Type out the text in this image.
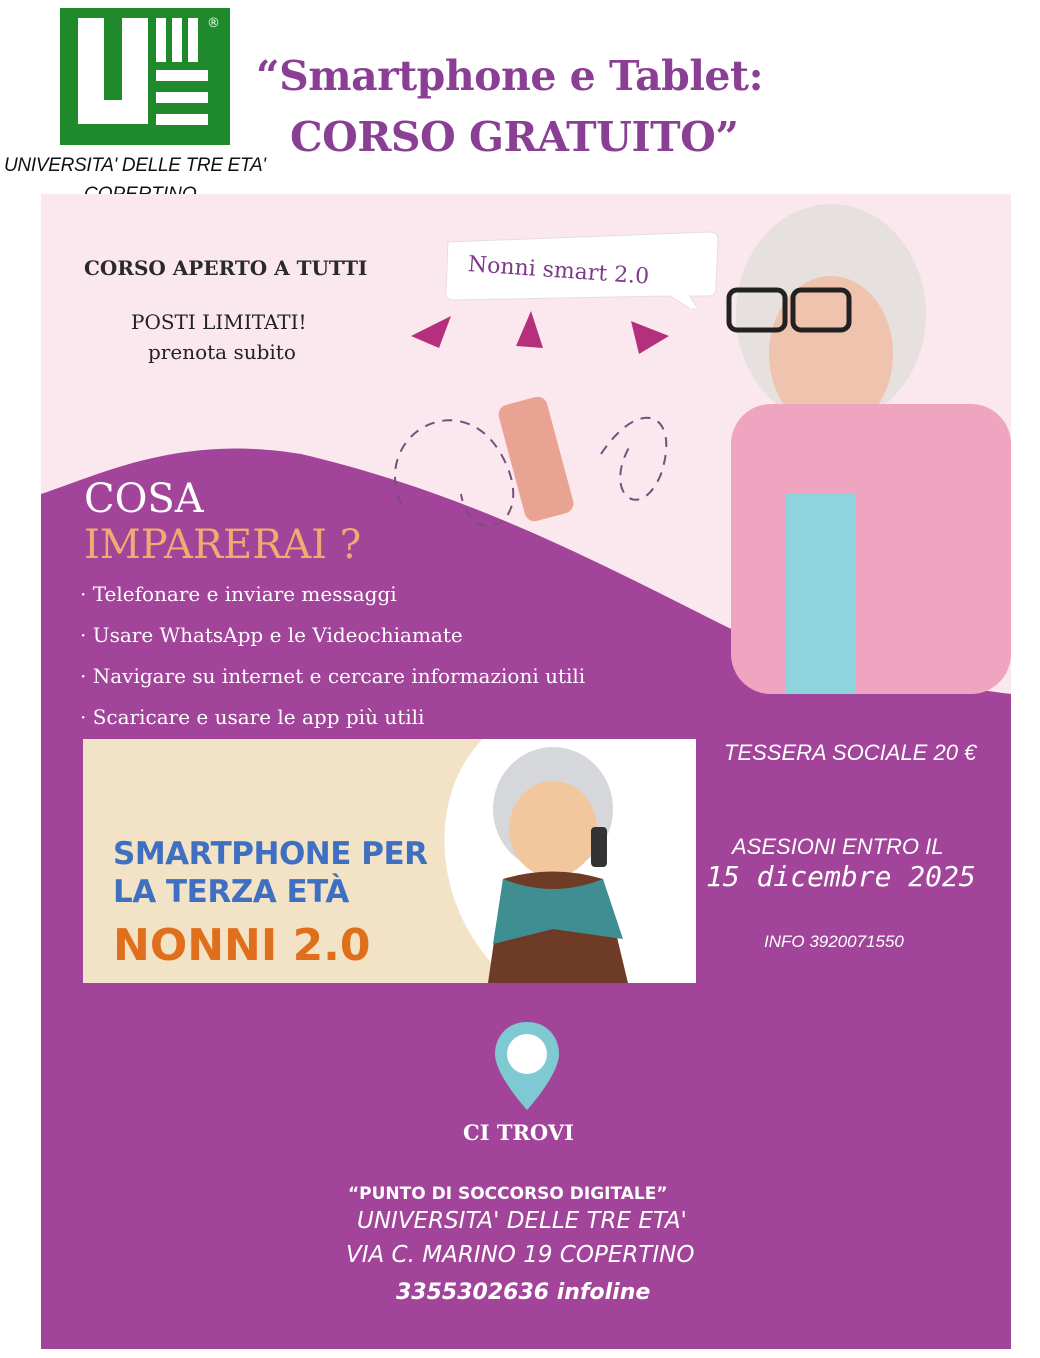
®
UNIVERSITA' DELLE TRE ETA'
“Smartphone e Tablet:
CORSO GRATUITO”
CORSO APERTO A TUTTI
POSTI LIMITATI!
prenota subito
Nonni smart 2.0
COSA
IMPARERAI ?
· Telefonare e inviare messaggi
· Usare WhatsApp e le Videochiamate
· Navigare su internet e cercare informazioni utili
· Scaricare e usare le app più utili
SMARTPHONE PER
LA TERZA ETÀ
NONNI 2.0
TESSERA SOCIALE 20 €
ASESIONI ENTRO IL
15 dicembre 2025
INFO 3920071550
CI TROVI
“PUNTO DI SOCCORSO DIGITALE”
UNIVERSITA' DELLE TRE ETA'
VIA C. MARINO 19 COPERTINO
3355302636 infoline
